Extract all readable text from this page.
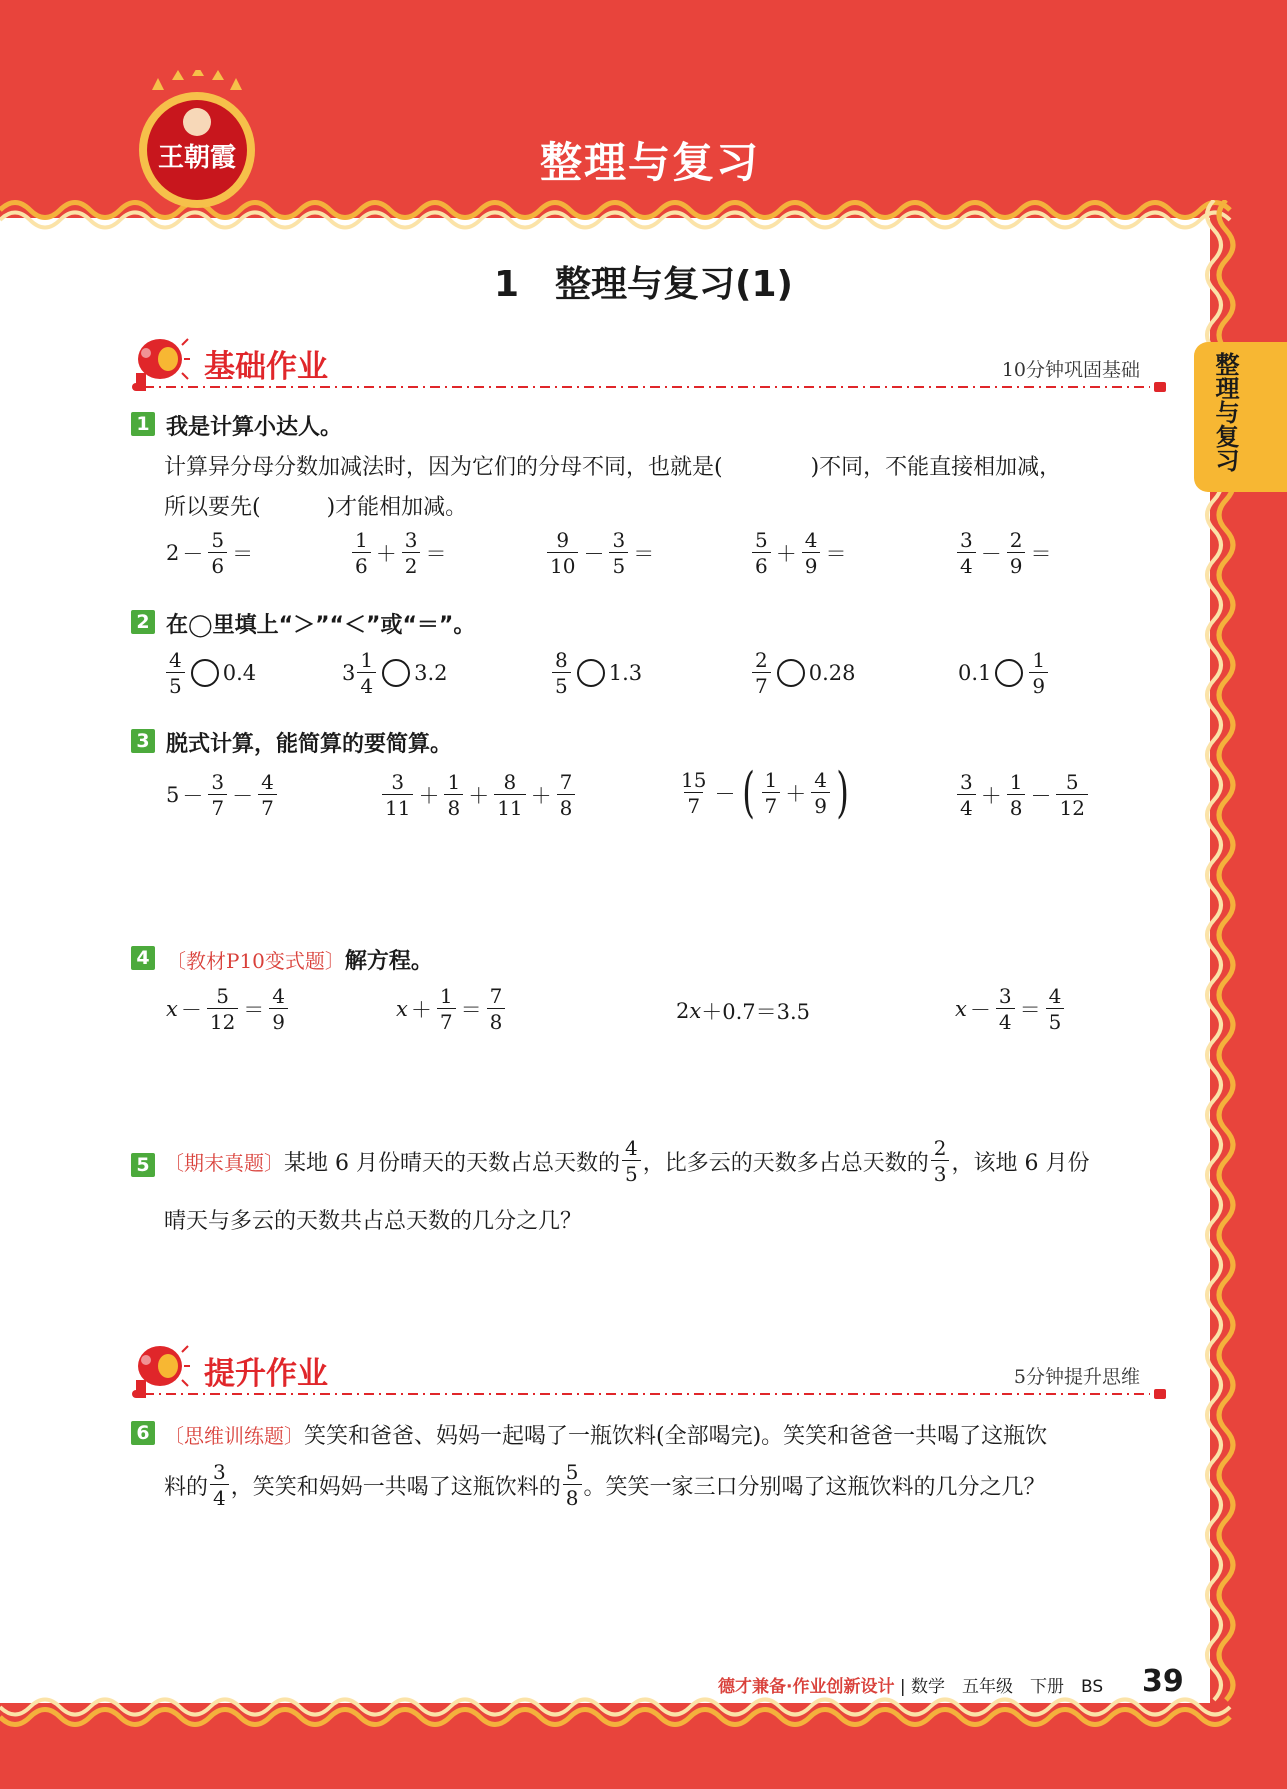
王朝霞	整理与复习
1　整理与复习(1)
整理与复习
基础作业	10分钟巩固基础
1 我是计算小达人。
计算异分母分数加减法时，因为它们的分母不同，也就是(　　　　)不同，不能直接相加减，
所以要先(　　　)才能相加减。
$2 - \frac{5}{6}$ ＝	$\frac{1}{6} + \frac{3}{2}$ ＝	$\frac{9}{10} - \frac{3}{5}$ ＝	$\frac{5}{6} + \frac{4}{9}$ ＝	$\frac{3}{4} - \frac{2}{9}$ ＝
2 在◯里填上“＞”“＜”或“＝”。
$\frac{4}{5} 0.4$	$3 \frac{1}{4} 3.2$	$\frac{8}{5} 1.3$	$\frac{2}{7} 0.28$	$0.1 \frac{1}{9}$
3 脱式计算，能简算的要简算。
$5 - \frac{3}{7} - \frac{4}{7}$	$\frac{3}{11} + \frac{1}{8} + \frac{8}{11} + \frac{7}{8}$	$\frac{15}{7}$ － ( $\frac{1}{7} + \frac{4}{9}$ )	$\frac{3}{4} + \frac{1}{8} - \frac{5}{12}$
4 〔教材P10变式题〕解方程。
$x - \frac{5}{12} = \frac{4}{9}$	$x + \frac{1}{7} = \frac{7}{8}$	2 x ＋0.7＝3.5	$x - \frac{3}{4} = \frac{4}{5}$
5 〔期末真题〕 某地 6 月份晴天的天数占总天数的 $\frac{4}{5}$ ，比多云的天数多占总天数的 $\frac{2}{3}$ ，该地 6 月份
晴天与多云的天数共占总天数的几分之几？
提升作业	5分钟提升思维
6 〔思维训练题〕笑笑和爸爸、妈妈一起喝了一瓶饮料(全部喝完)。笑笑和爸爸一共喝了这瓶饮
料的 $\frac{3}{4}$ ，笑笑和妈妈一共喝了这瓶饮料的 $\frac{5}{8}$ 。笑笑一家三口分别喝了这瓶饮料的几分之几？
德才兼备·作业创新设计 | 数学　五年级　下册　BS 39
